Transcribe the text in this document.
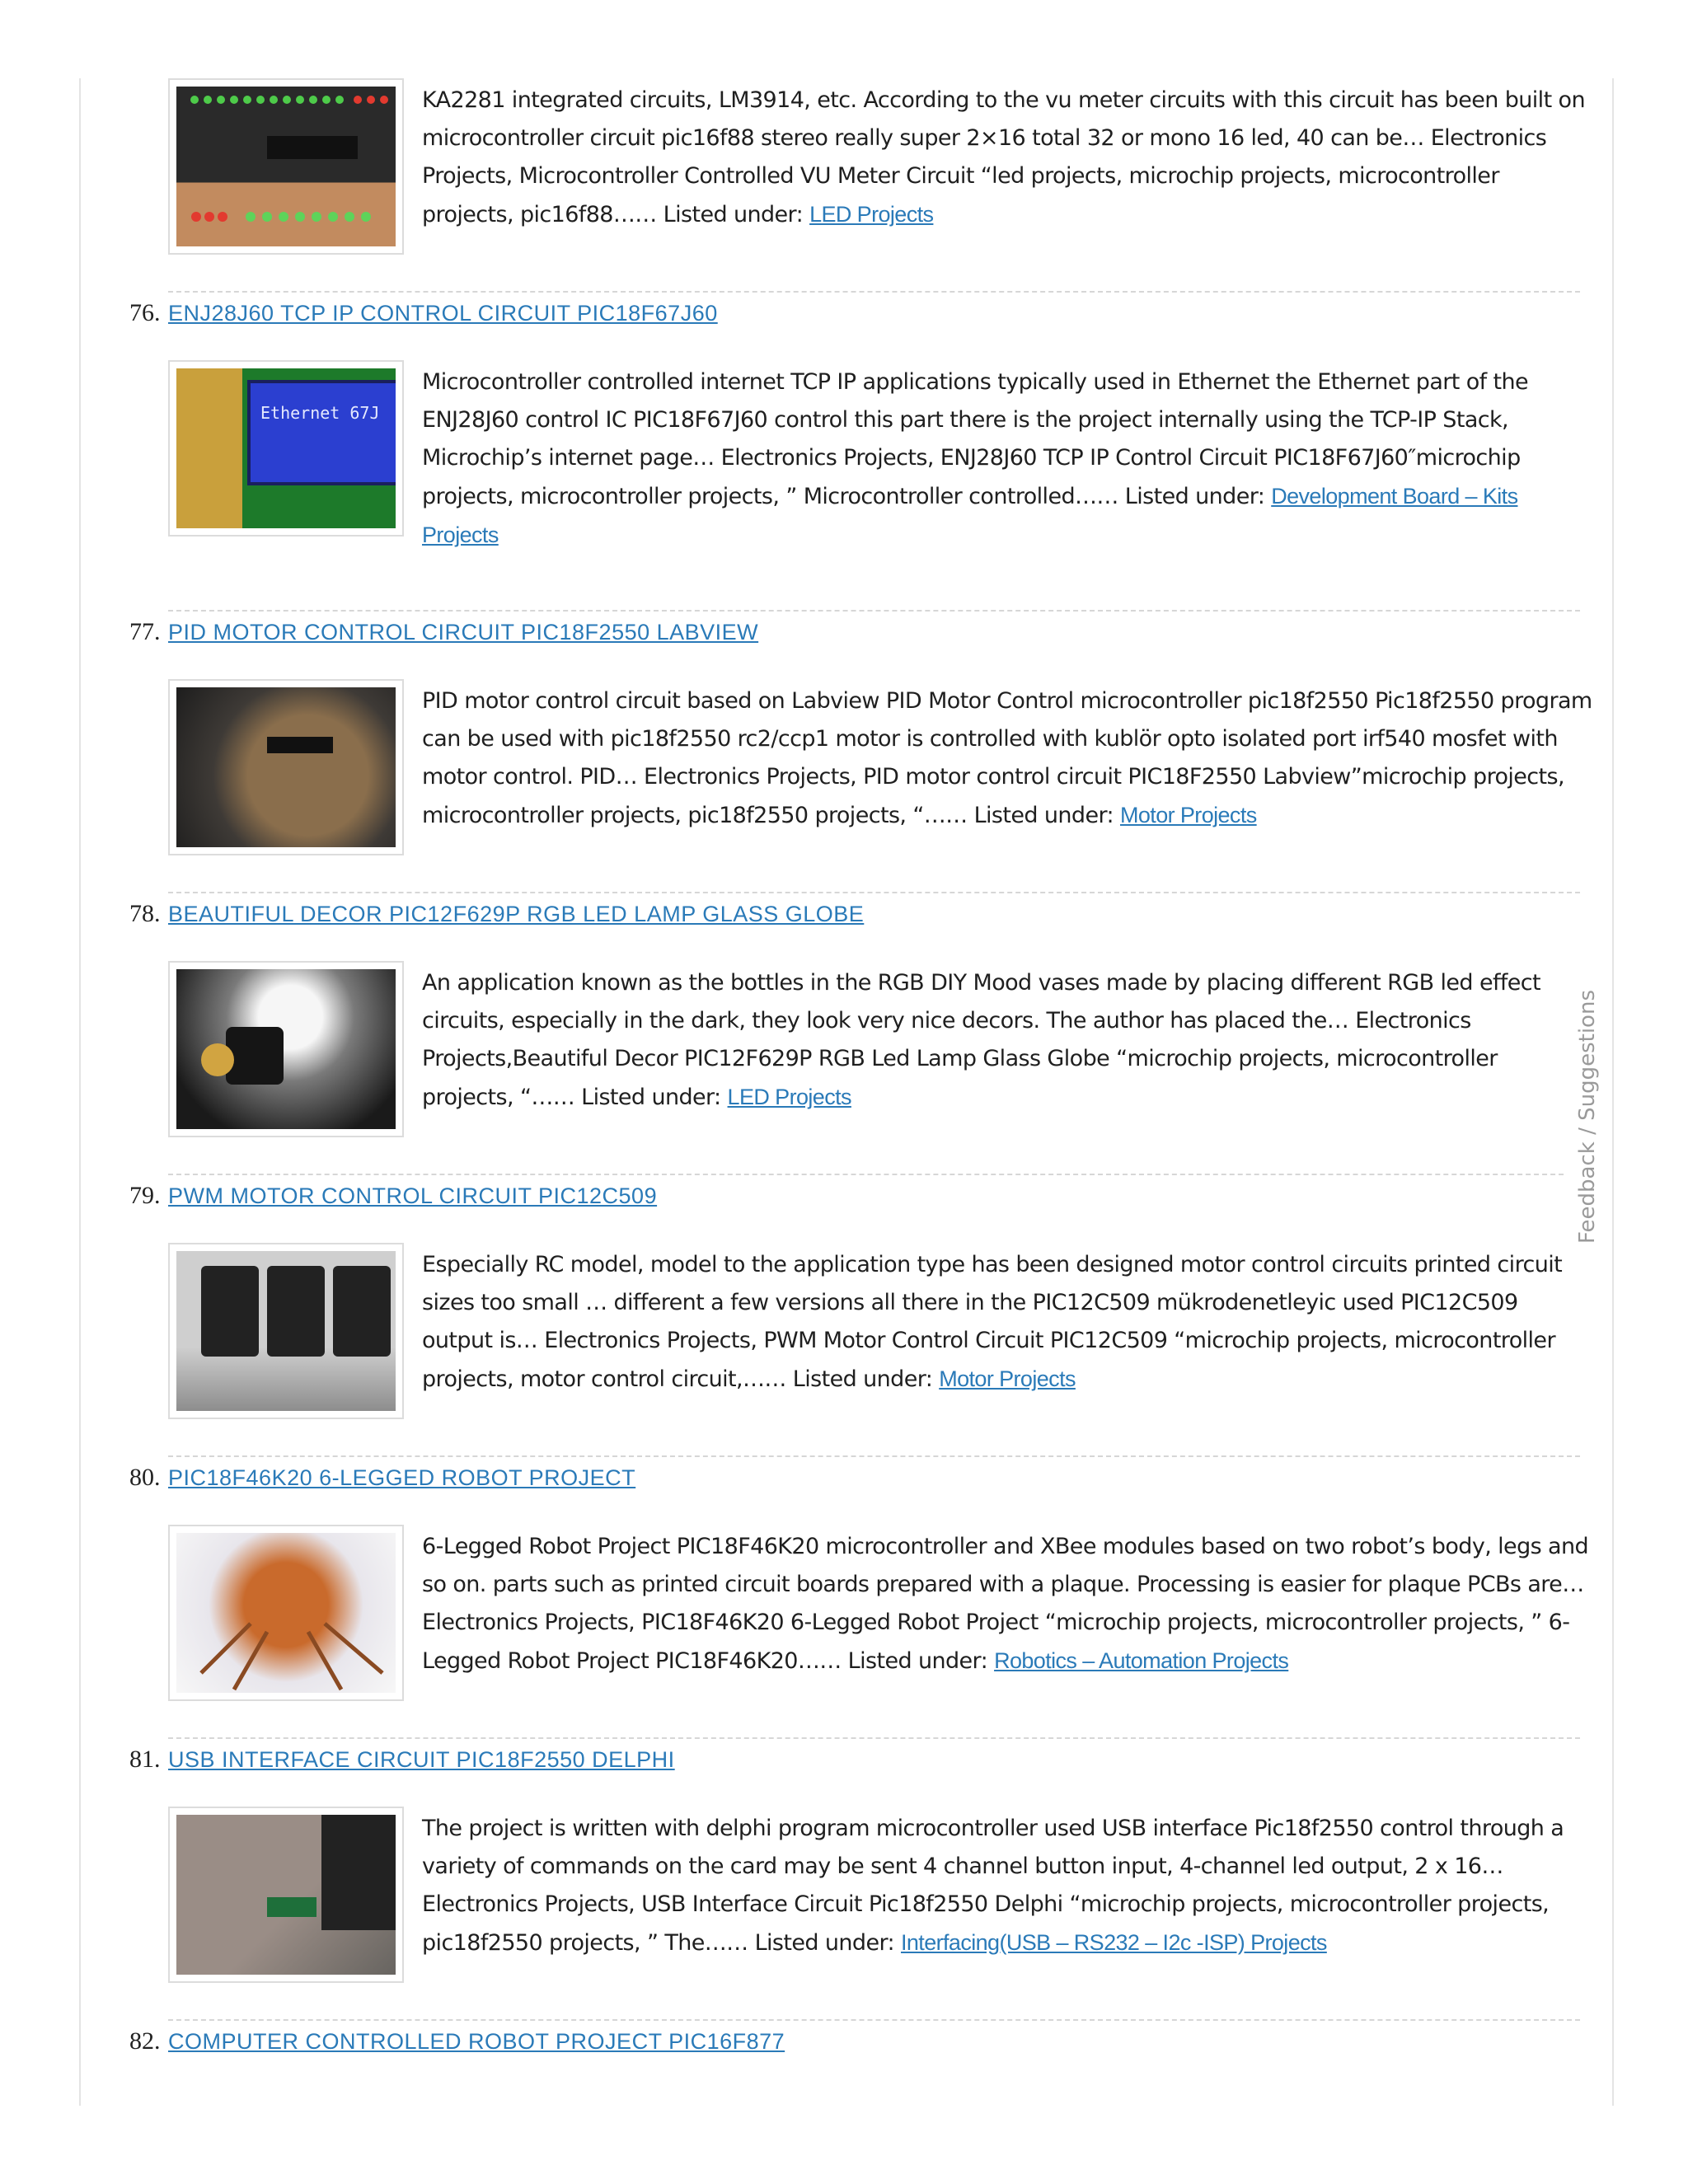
KA2281 integrated circuits, LM3914, etc. According to the vu meter circuits with this circuit has been built on microcontroller circuit pic16f88 stereo really super 2×16 total 32 or mono 16 led, 40 can be… Electronics Projects, Microcontroller Controlled VU Meter Circuit “led projects, microchip projects, microcontroller projects, pic16f88…… Listed under: LED Projects
76. ENJ28J60 TCP IP CONTROL CIRCUIT PIC18F67J60
Ethernet 67J
Microcontroller controlled internet TCP IP applications typically used in Ethernet the Ethernet part of the ENJ28J60 control IC PIC18F67J60 control this part there is the project internally using the TCP-IP Stack, Microchip’s internet page… Electronics Projects, ENJ28J60 TCP IP Control Circuit PIC18F67J60″microchip projects, microcontroller projects, ” Microcontroller controlled…… Listed under: Development Board – Kits Projects
77. PID MOTOR CONTROL CIRCUIT PIC18F2550 LABVIEW
PID motor control circuit based on Labview PID Motor Control microcontroller pic18f2550 Pic18f2550 program can be used with pic18f2550 rc2/ccp1 motor is controlled with kublör opto isolated port irf540 mosfet with motor control. PID… Electronics Projects, PID motor control circuit PIC18F2550 Labview”microchip projects, microcontroller projects, pic18f2550 projects, “…… Listed under: Motor Projects
78. BEAUTIFUL DECOR PIC12F629P RGB LED LAMP GLASS GLOBE
An application known as the bottles in the RGB DIY Mood vases made by placing different RGB led effect circuits, especially in the dark, they look very nice decors. The author has placed the… Electronics Projects,Beautiful Decor PIC12F629P RGB Led Lamp Glass Globe “microchip projects, microcontroller projects, “…… Listed under: LED Projects
79. PWM MOTOR CONTROL CIRCUIT PIC12C509
Especially RC model, model to the application type has been designed motor control circuits printed circuit sizes too small … different a few versions all there in the PIC12C509 mükrodenetleyic used PIC12C509 output is… Electronics Projects, PWM Motor Control Circuit PIC12C509 “microchip projects, microcontroller projects, motor control circuit,…… Listed under: Motor Projects
80. PIC18F46K20 6-LEGGED ROBOT PROJECT
6-Legged Robot Project PIC18F46K20 microcontroller and XBee modules based on two robot’s body, legs and so on. parts such as printed circuit boards prepared with a plaque. Processing is easier for plaque PCBs are… Electronics Projects, PIC18F46K20 6-Legged Robot Project “microchip projects, microcontroller projects, ” 6-Legged Robot Project PIC18F46K20…… Listed under: Robotics – Automation Projects
81. USB INTERFACE CIRCUIT PIC18F2550 DELPHI
The project is written with delphi program microcontroller used USB interface Pic18f2550 control through a variety of commands on the card may be sent 4 channel button input, 4-channel led output, 2 x 16…Electronics Projects, USB Interface Circuit Pic18f2550 Delphi “microchip projects, microcontroller projects, pic18f2550 projects, ” The…… Listed under: Interfacing(USB – RS232 – I2c -ISP) Projects
82. COMPUTER CONTROLLED ROBOT PROJECT PIC16F877
Feedback / Suggestions
